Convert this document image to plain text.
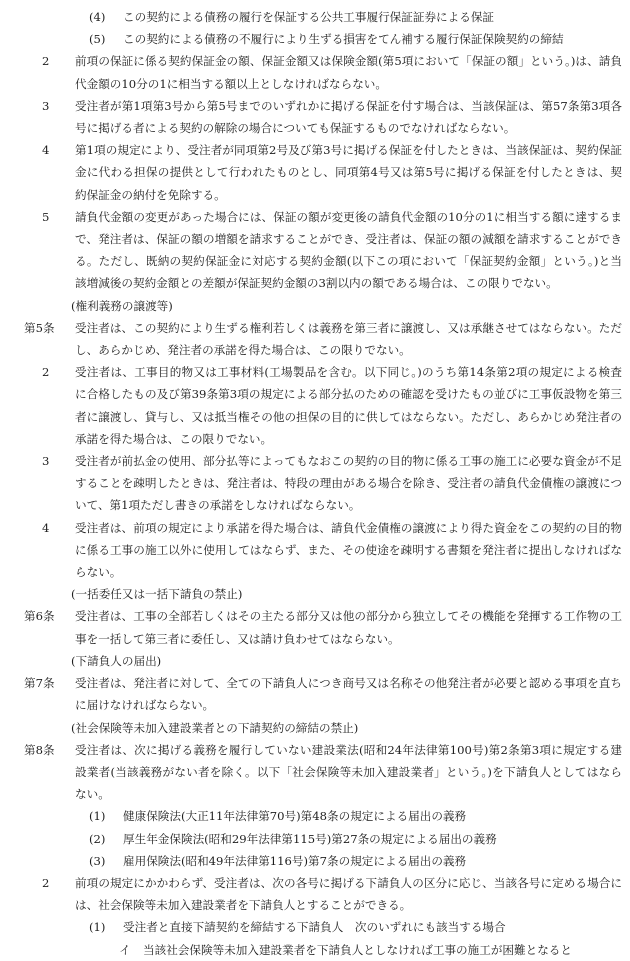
(4) この契約による債務の履行を保証する公共工事履行保証証券による保証
(5) この契約による債務の不履行により生ずる損害をてん補する履行保証保険契約の締結
2	前項の保証に係る契約保証金の額、保証金額又は保険金額(第5項において「保証の額」という。)は、請負代金額の10分の1に相当する額以上としなければならない。
3	受注者が第1項第3号から第5号までのいずれかに掲げる保証を付す場合は、当該保証は、第57条第3項各号に掲げる者による契約の解除の場合についても保証するものでなければならない。
4	第1項の規定により、受注者が同項第2号及び第3号に掲げる保証を付したときは、当該保証は、契約保証金に代わる担保の提供として行われたものとし、同項第4号又は第5号に掲げる保証を付したときは、契約保証金の納付を免除する。
5	請負代金額の変更があった場合には、保証の額が変更後の請負代金額の10分の1に相当する額に達するまで、発注者は、保証の額の増額を請求することができ、受注者は、保証の額の減額を請求することができる。ただし、既納の契約保証金に対応する契約金額(以下この項において「保証契約金額」という。)と当該増減後の契約金額との差額が保証契約金額の3割以内の額である場合は、この限りでない。
(権利義務の譲渡等)
第5条	受注者は、この契約により生ずる権利若しくは義務を第三者に譲渡し、又は承継させてはならない。ただし、あらかじめ、発注者の承諾を得た場合は、この限りでない。
2	受注者は、工事目的物又は工事材料(工場製品を含む。以下同じ。)のうち第14条第2項の規定による検査に合格したもの及び第39条第3項の規定による部分払のための確認を受けたもの並びに工事仮設物を第三者に譲渡し、貸与し、又は抵当権その他の担保の目的に供してはならない。ただし、あらかじめ発注者の承諾を得た場合は、この限りでない。
3	受注者が前払金の使用、部分払等によってもなおこの契約の目的物に係る工事の施工に必要な資金が不足することを疎明したときは、発注者は、特段の理由がある場合を除き、受注者の請負代金債権の譲渡について、第1項ただし書きの承諾をしなければならない。
4	受注者は、前項の規定により承諾を得た場合は、請負代金債権の譲渡により得た資金をこの契約の目的物に係る工事の施工以外に使用してはならず、また、その使途を疎明する書類を発注者に提出しなければならない。
(一括委任又は一括下請負の禁止)
第6条	受注者は、工事の全部若しくはその主たる部分又は他の部分から独立してその機能を発揮する工作物の工事を一括して第三者に委任し、又は請け負わせてはならない。
(下請負人の届出)
第7条	受注者は、発注者に対して、全ての下請負人につき商号又は名称その他発注者が必要と認める事項を直ちに届けなければならない。
(社会保険等未加入建設業者との下請契約の締結の禁止)
第8条	受注者は、次に掲げる義務を履行していない建設業法(昭和24年法律第100号)第2条第3項に規定する建設業者(当該義務がない者を除く。以下「社会保険等未加入建設業者」という。)を下請負人としてはならない。
(1) 健康保険法(大正11年法律第70号)第48条の規定による届出の義務
(2) 厚生年金保険法(昭和29年法律第115号)第27条の規定による届出の義務
(3) 雇用保険法(昭和49年法律第116号)第7条の規定による届出の義務
2	前項の規定にかかわらず、受注者は、次の各号に掲げる下請負人の区分に応じ、当該各号に定める場合には、社会保険等未加入建設業者を下請負人とすることができる。
(1) 受注者と直接下請契約を締結する下請負人　次のいずれにも該当する場合
イ 当該社会保険等未加入建設業者を下請負人としなければ工事の施工が困難となると
